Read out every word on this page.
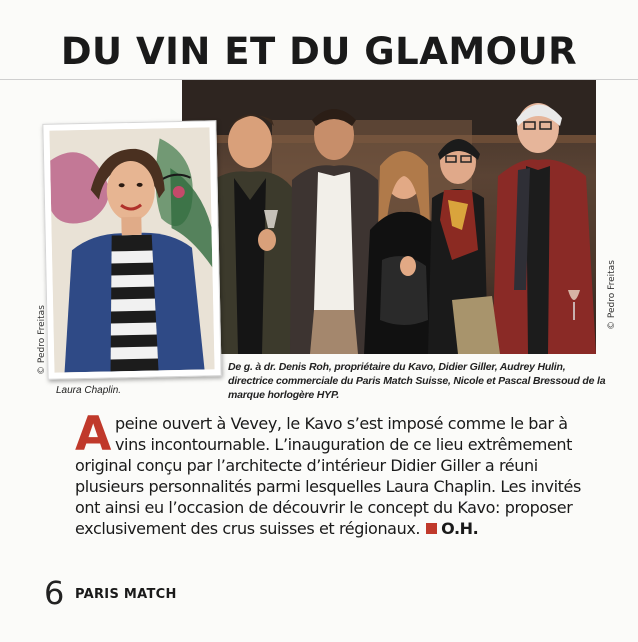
DU VIN ET DU GLAMOUR
© Pedro Freitas
© Pedro Freitas
Laura Chaplin.
De g. à dr. Denis Roh, propriétaire du Kavo, Didier Giller, Audrey Hulin, directrice commerciale du Paris Match Suisse, Nicole et Pascal Bressoud de la marque horlogère HYP.
Apeine ouvert à Vevey, le Kavo s’est imposé comme le bar à vins incontournable. L’inauguration de ce lieu extrêmement original conçu par l’architecte d’intérieur Didier Giller a réuni plusieurs personnalités parmi lesquelles Laura Chaplin. Les invités ont ainsi eu l’occasion de découvrir le concept du Kavo: proposer exclusivement des crus suisses et régionaux. O.H.
6 PARIS MATCH
